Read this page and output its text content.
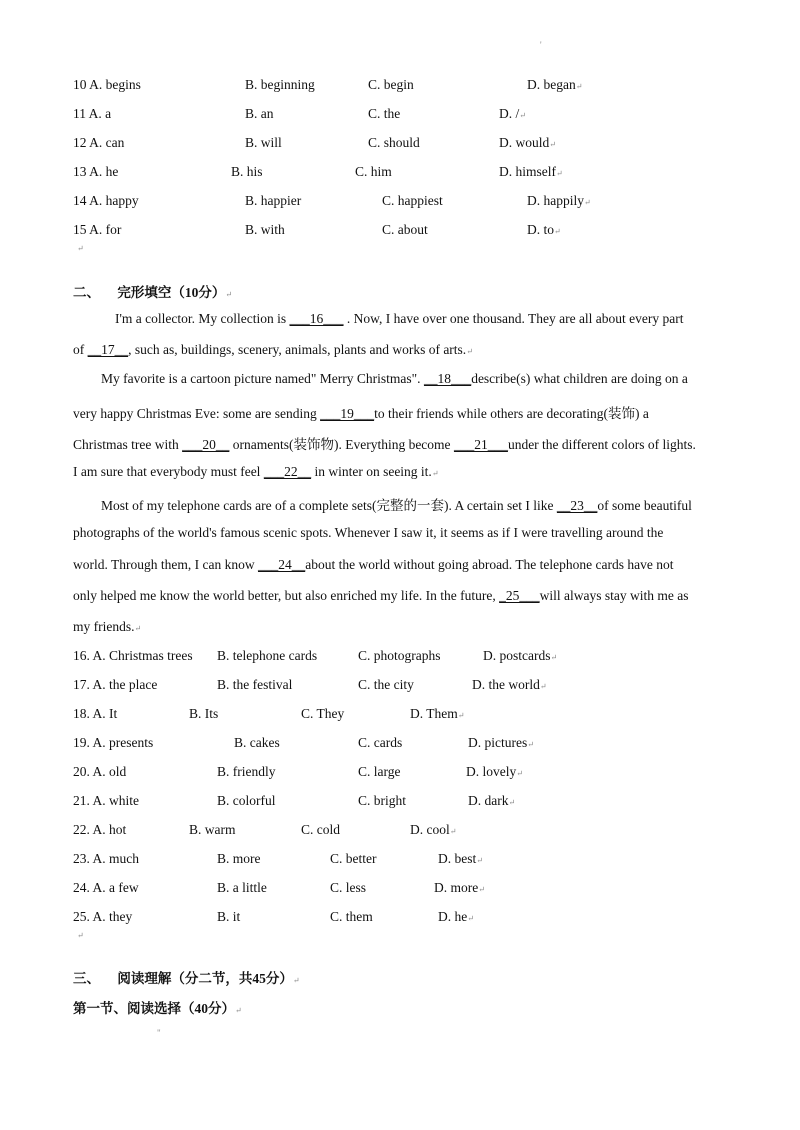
'
10 A. begins	B. beginning	C. begin	D. began↵
11 A. a	B. an	C. the	D. /↵
12 A. can	B. will	C. should	D. would↵
13 A. he	B. his	C. him	D. himself↵
14 A. happy	B. happier	C. happiest	D. happily↵
15 A. for	B. with	C. about	D. to↵
↵
二、 完形填空（10分）↵
I'm a collector. My collection is ___16___ . Now, I have over one thousand. They are all about every part
of __17__, such as, buildings, scenery, animals, plants and works of arts.↵
My favorite is a cartoon picture named" Merry Christmas". __18___describe(s) what children are doing on a
very happy Christmas Eve: some are sending ___19___to their friends while others are decorating(装饰) a
Christmas tree with ___20__ ornaments(装饰物). Everything become ___21___under the different colors of lights.
I am sure that everybody must feel ___22__ in winter on seeing it.↵
Most of my telephone cards are of a complete sets(完整的一套). A certain set I like __23__of some beautiful
photographs of the world's famous scenic spots. Whenever I saw it, it seems as if I were travelling around the
world. Through them, I can know ___24__about the world without going abroad. The telephone cards have not
only helped me know the world better, but also enriched my life. In the future, _25___will always stay with me as
my friends.↵
16. A. Christmas trees B. telephone cards	C. photographs	D. postcards↵
17. A. the place	B. the festival	C. the city	D. the world↵
18. A. It	B. Its	C. They	D. Them↵
19. A. presents	B. cakes	C. cards	D. pictures↵
20. A. old	B. friendly	C. large	D. lovely↵
21. A. white	B. colorful	C. bright	D. dark↵
22. A. hot	B. warm	C. cold	D. cool↵
23. A. much	B. more	C. better	D. best↵
24. A. a few	B. a little	C. less	D. more↵
25. A. they	B. it	C. them	D. he↵
↵
三、 阅读理解（分二节，共45分）↵
第一节、阅读选择（40分）↵
"
